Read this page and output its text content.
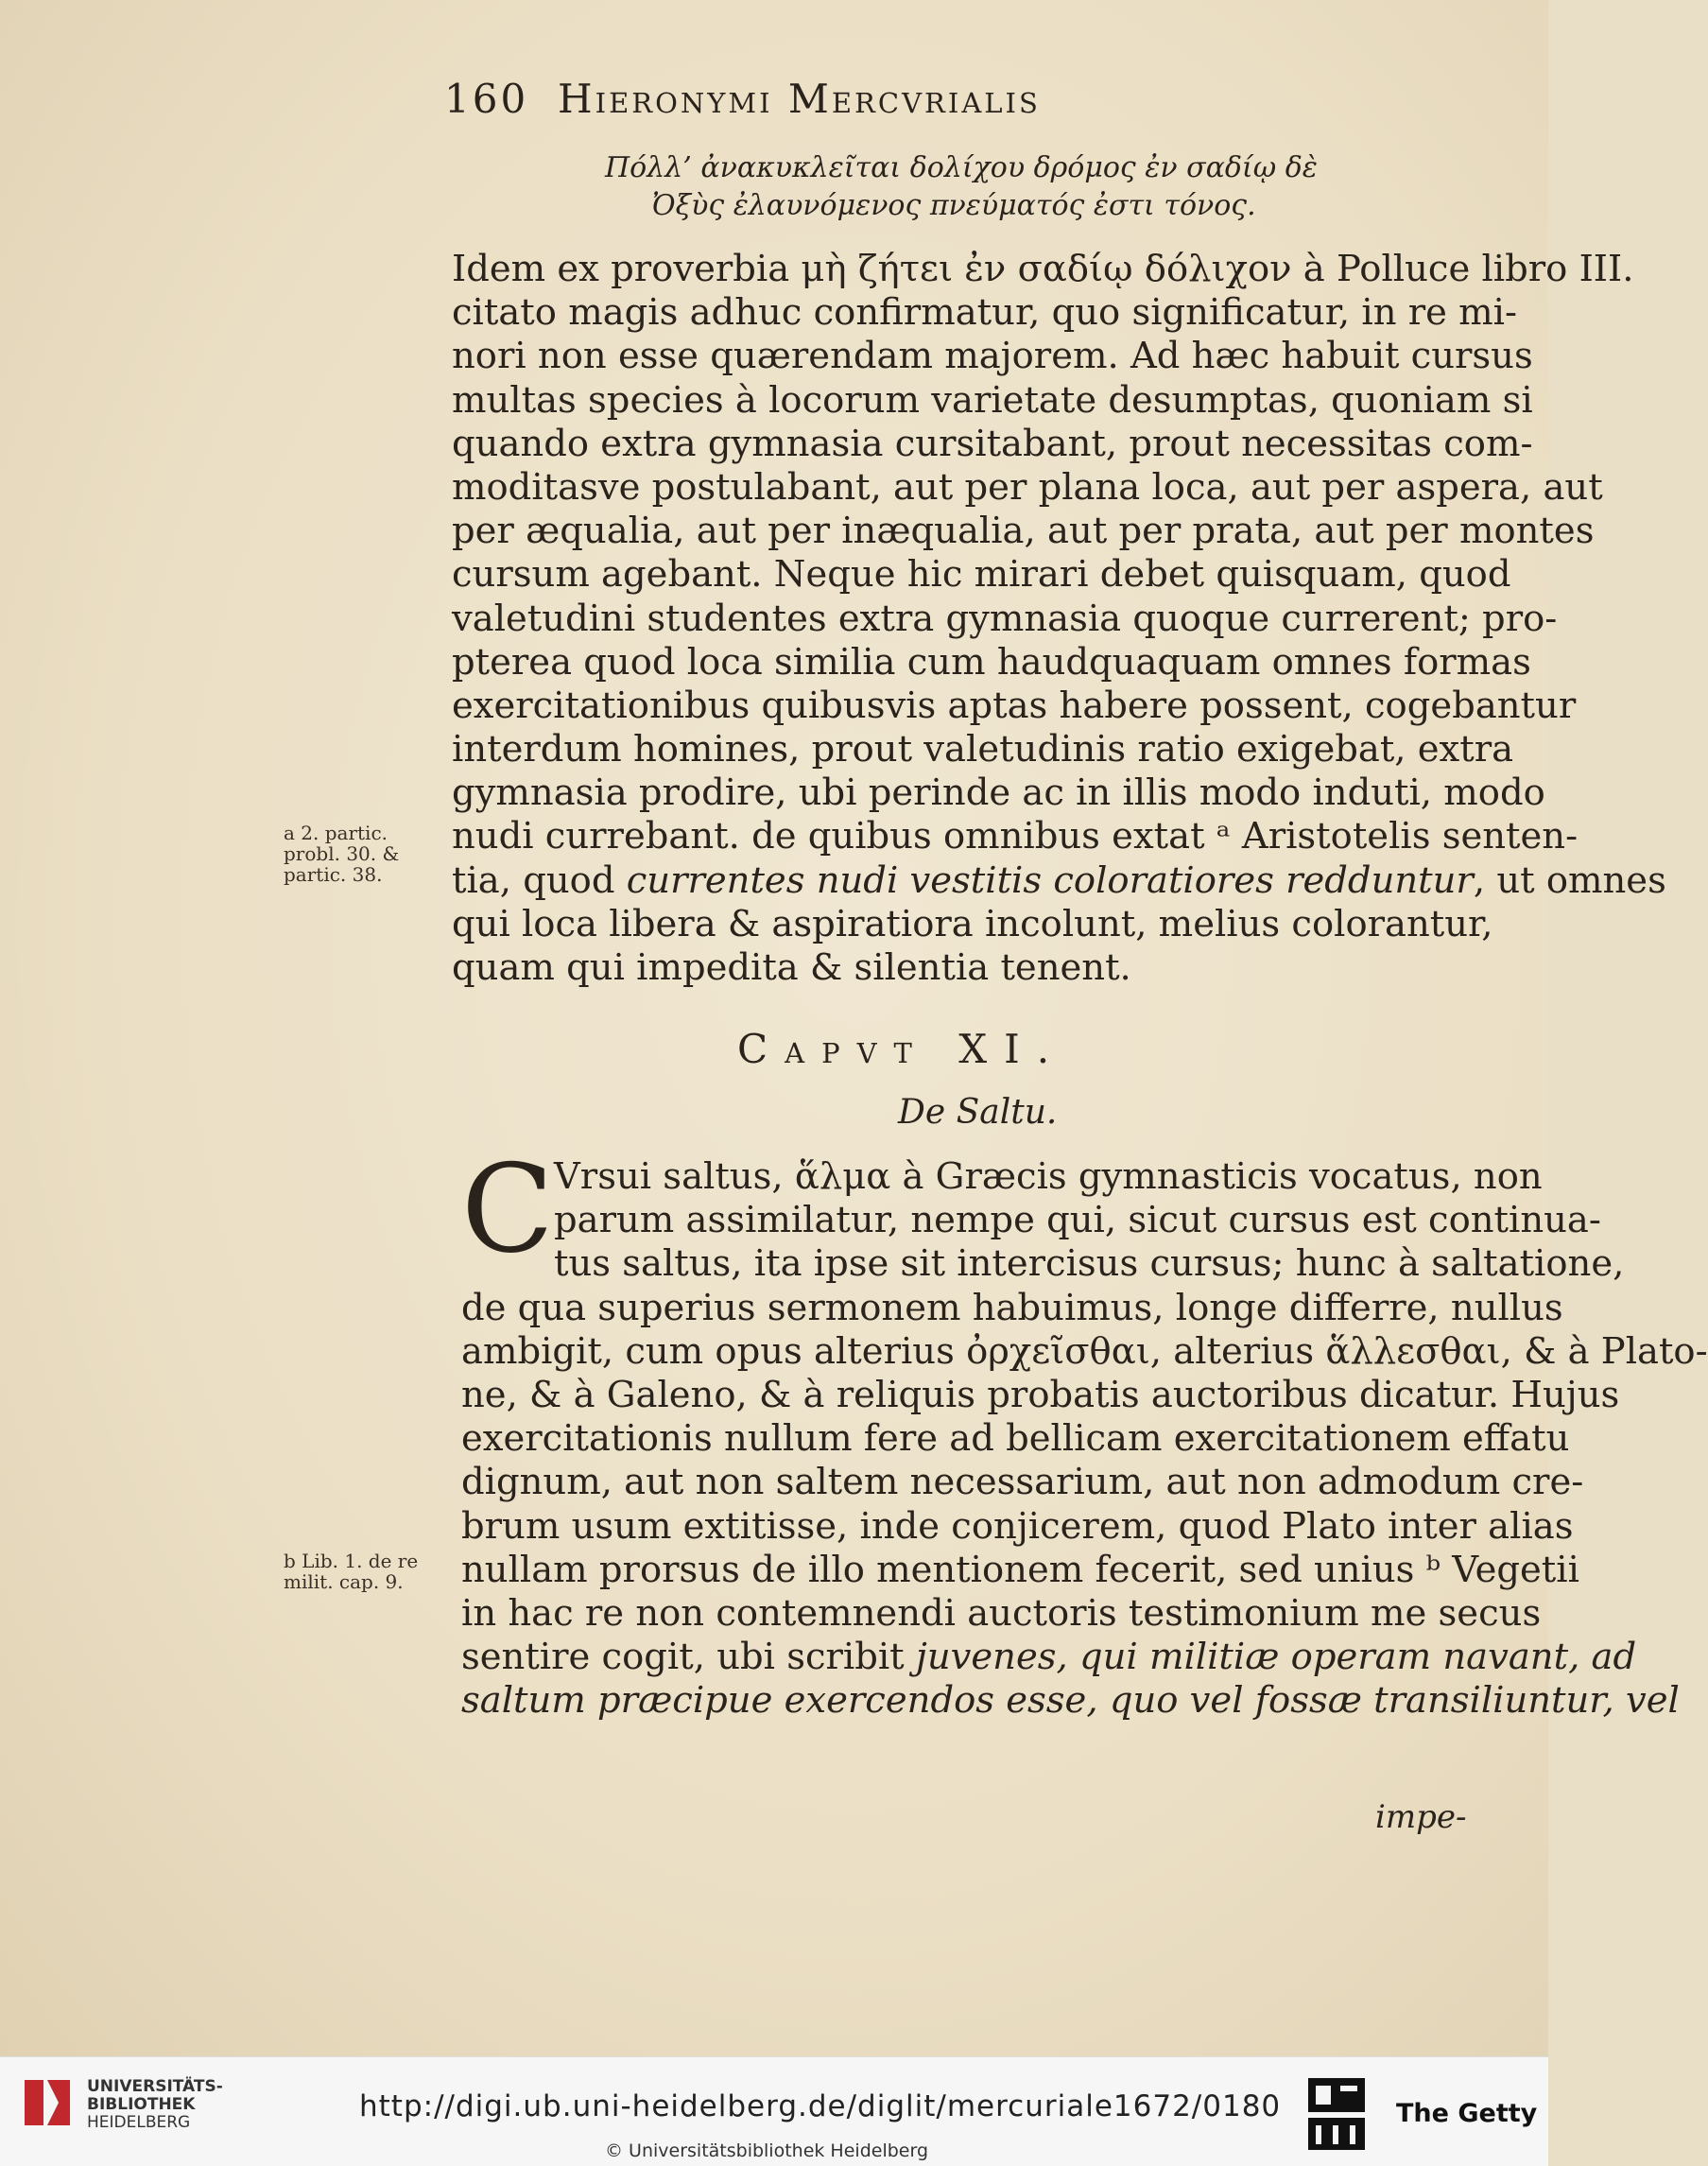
160 Hieronymi Mercvrialis
Πόλλ’ ἀνακυκλεῖται δολίχου δρόμος ἐν σαδίῳ δὲ
Ὀξὺς ἐλαυνόμενος πνεύματός ἐστι τόνος.
Idem ex proverbia μὴ ζήτει ἐν σαδίῳ δόλιχον à Polluce libro III.
citato magis adhuc confirmatur, quo significatur, in re mi-
nori non esse quærendam majorem. Ad hæc habuit cursus
multas species à locorum varietate desumptas, quoniam si
quando extra gymnasia cursitabant, prout necessitas com-
moditasve postulabant, aut per plana loca, aut per aspera, aut
per æqualia, aut per inæqualia, aut per prata, aut per montes
cursum agebant. Neque hic mirari debet quisquam, quod
valetudini studentes extra gymnasia quoque currerent; pro-
pterea quod loca similia cum haudquaquam omnes formas
exercitationibus quibusvis aptas habere possent, cogebantur
interdum homines, prout valetudinis ratio exigebat, extra
gymnasia prodire, ubi perinde ac in illis modo induti, modo
nudi currebant. de quibus omnibus extat ᵃ Aristotelis senten-
tia, quod currentes nudi vestitis coloratiores redduntur, ut omnes
qui loca libera & aspiratiora incolunt, melius colorantur,
quam qui impedita & silentia tenent.
a 2. partic.
probl. 30. &
partic. 38.
Capvt XI.
De Saltu.
C Vrsui saltus, ἅλμα à Græcis gymnasticis vocatus, non
parum assimilatur, nempe qui, sicut cursus est continua-
tus saltus, ita ipse sit intercisus cursus; hunc à saltatione,
de qua superius sermonem habuimus, longe differre, nullus
ambigit, cum opus alterius ὀρχεῖσθαι, alterius ἅλλεσθαι, & à Plato-
ne, & à Galeno, & à reliquis probatis auctoribus dicatur. Hujus
exercitationis nullum fere ad bellicam exercitationem effatu
dignum, aut non saltem necessarium, aut non admodum cre-
brum usum extitisse, inde conjicerem, quod Plato inter alias
nullam prorsus de illo mentionem fecerit, sed unius ᵇ Vegetii
in hac re non contemnendi auctoris testimonium me secus
sentire cogit, ubi scribit juvenes, qui militiæ operam navant, ad
saltum præcipue exercendos esse, quo vel fossæ transiliuntur, vel
b Lib. 1. de re
milit. cap. 9.
impe-
UNIVERSITÄTS-
BIBLIOTHEK
HEIDELBERG	http://digi.ub.uni-heidelberg.de/diglit/mercuriale1672/0180
© Universitätsbibliothek Heidelberg
The Getty
